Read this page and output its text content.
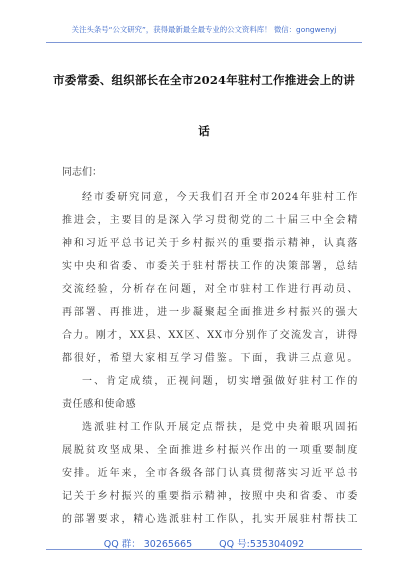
关注头条号“公文研究”，获得最新最全最专业的公文资料库！ 微信：gongwenyj
市委常委、组织部长在全市2024年驻村工作推进会上的讲
话
同志们：
经市委研究同意，今天我们召开全市2024年驻村工作
推进会，主要目的是深入学习贯彻党的二十届三中全会精
神和习近平总书记关于乡村振兴的重要指示精神，认真落
实中央和省委、市委关于驻村帮扶工作的决策部署，总结
交流经验，分析存在问题，对全市驻村工作进行再动员、
再部署、再推进，进一步凝聚起全面推进乡村振兴的强大
合力。刚才，XX县、XX区、XX市分别作了交流发言，讲得
都很好，希望大家相互学习借鉴。下面，我讲三点意见。
一、肯定成绩，正视问题，切实增强做好驻村工作的
责任感和使命感
选派驻村工作队开展定点帮扶，是党中央着眼巩固拓
展脱贫攻坚成果、全面推进乡村振兴作出的一项重要制度
安排。近年来，全市各级各部门认真贯彻落实习近平总书
记关于乡村振兴的重要指示精神，按照中央和省委、市委
的部署要求，精心选派驻村工作队，扎实开展驻村帮扶工
QQ 群： 30265665	QQ 号:535304092
